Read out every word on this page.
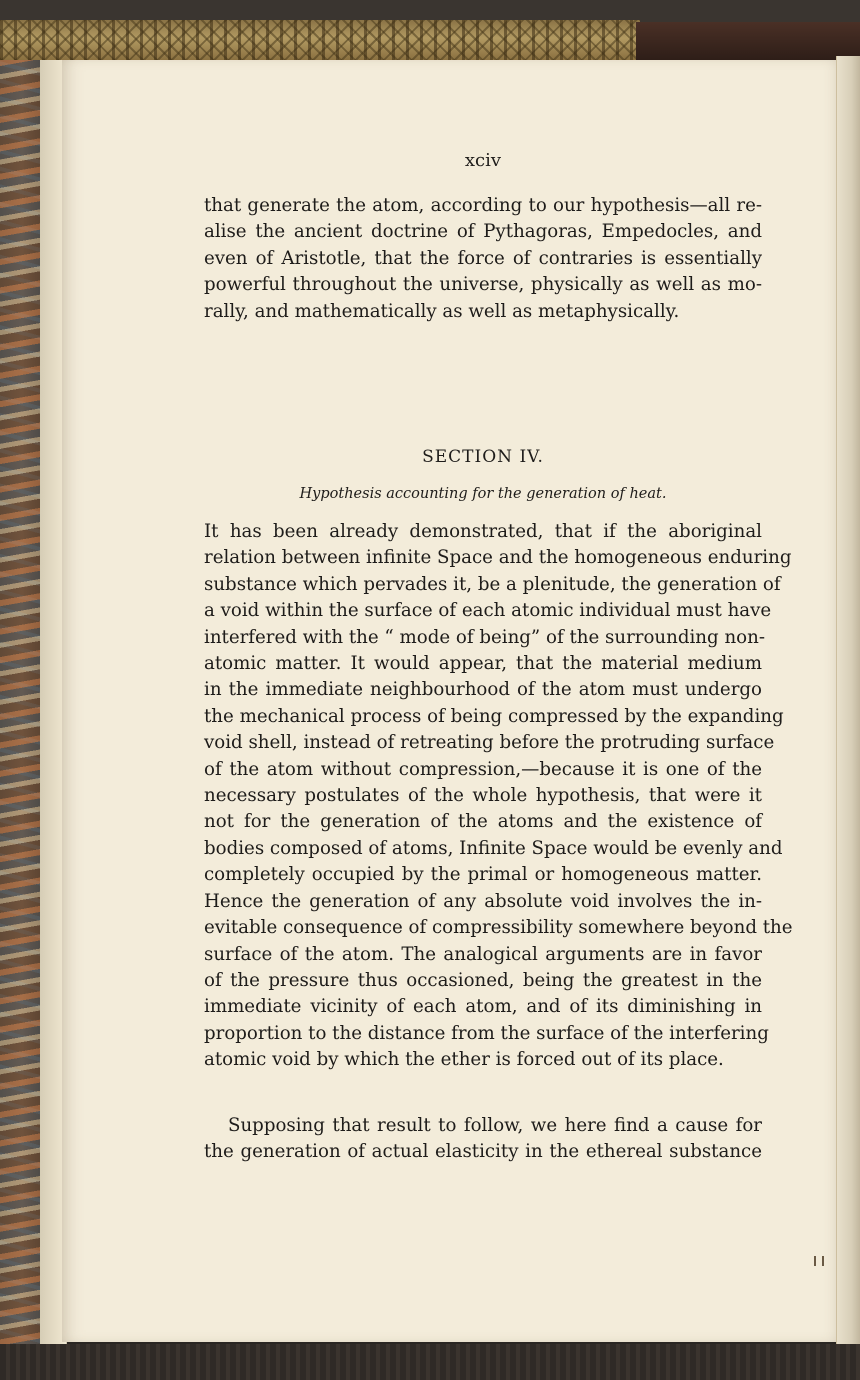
xciv

that generate the atom, according to our hypothesis—all re-
alise the ancient doctrine of Pythagoras, Empedocles, and
even of Aristotle, that the force of contraries is essentially
powerful throughout the universe, physically as well as mo-
rally, and mathematically as well as metaphysically.

SECTION IV.

Hypothesis accounting for the generation of heat.

It has been already demonstrated, that if the aboriginal
relation between infinite Space and the homogeneous enduring
substance which pervades it, be a plenitude, the generation of
a void within the surface of each atomic individual must have
interfered with the “ mode of being” of the surrounding non-
atomic matter. It would appear, that the material medium
in the immediate neighbourhood of the atom must undergo
the mechanical process of being compressed by the expanding
void shell, instead of retreating before the protruding surface
of the atom without compression,—because it is one of the
necessary postulates of the whole hypothesis, that were it
not for the generation of the atoms and the existence of
bodies composed of atoms, Infinite Space would be evenly and
completely occupied by the primal or homogeneous matter.
Hence the generation of any absolute void involves the in-
evitable consequence of compressibility somewhere beyond the
surface of the atom. The analogical arguments are in favor
of the pressure thus occasioned, being the greatest in the
immediate vicinity of each atom, and of its diminishing in
proportion to the distance from the surface of the interfering
atomic void by which the ether is forced out of its place.

Supposing that result to follow, we here find a cause for
the generation of actual elasticity in the ethereal substance
